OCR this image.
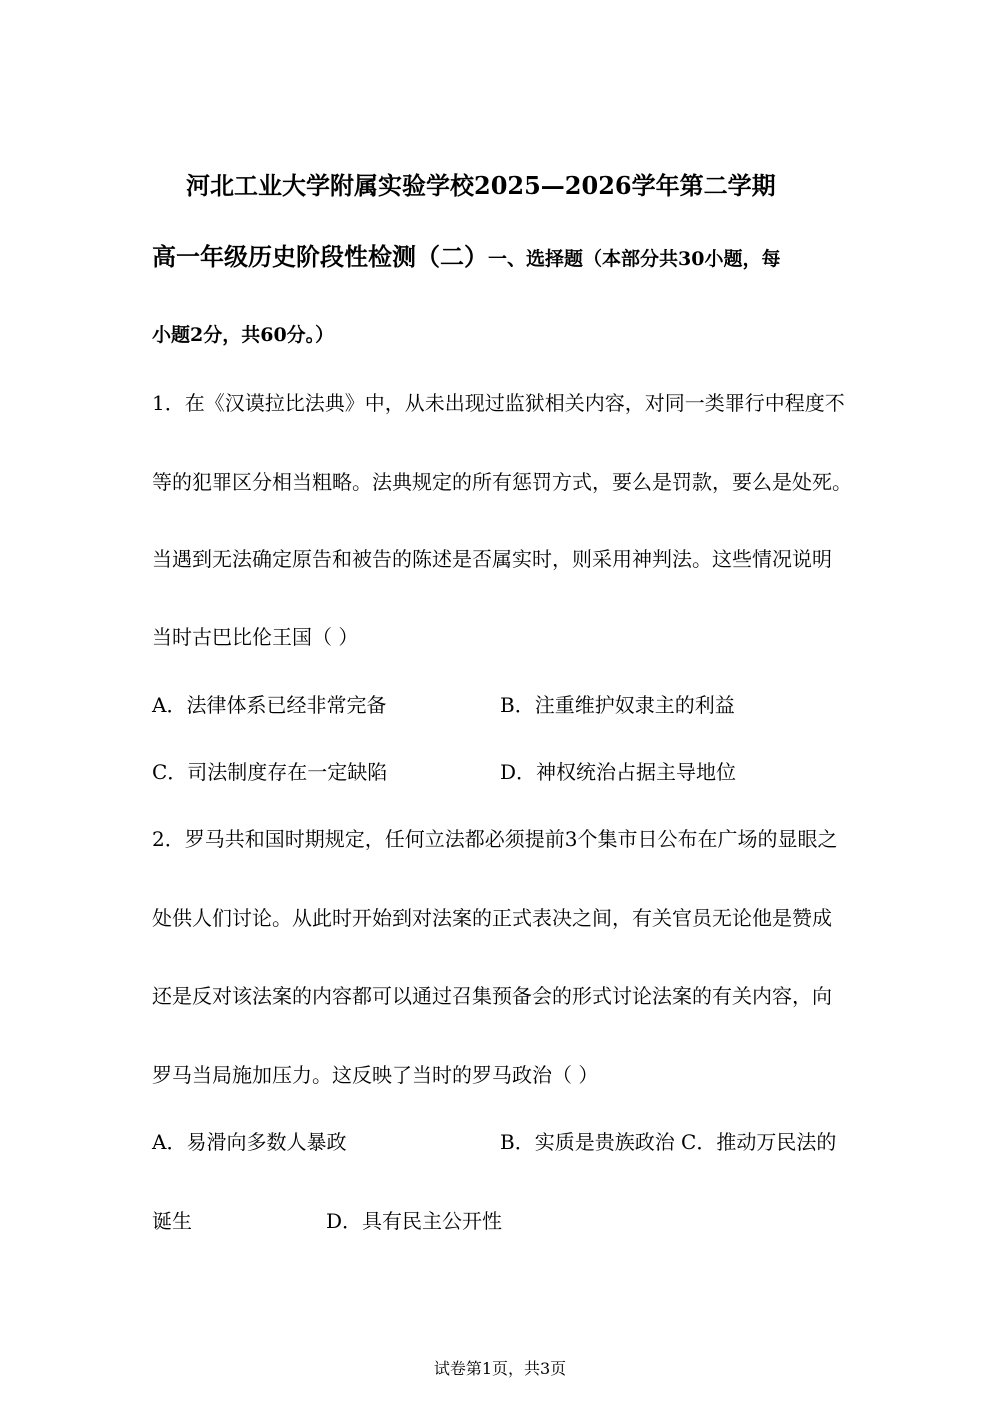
河北工业大学附属实验学校2025—2026学年第二学期
高一年级历史阶段性检测（二）一、选择题（本部分共30小题，每
小题2分，共60分。）
1．在《汉谟拉比法典》中，从未出现过监狱相关内容，对同一类罪行中程度不
等的犯罪区分相当粗略。法典规定的所有惩罚方式，要么是罚款，要么是处死。
当遇到无法确定原告和被告的陈述是否属实时，则采用神判法。这些情况说明
当时古巴比伦王国（ ）
A．法律体系已经非常完备	B．注重维护奴隶主的利益
C．司法制度存在一定缺陷	D．神权统治占据主导地位
2．罗马共和国时期规定，任何立法都必须提前3个集市日公布在广场的显眼之
处供人们讨论。从此时开始到对法案的正式表决之间，有关官员无论他是赞成
还是反对该法案的内容都可以通过召集预备会的形式讨论法案的有关内容，向
罗马当局施加压力。这反映了当时的罗马政治（ ）
A．易滑向多数人暴政	B．实质是贵族政治 C．推动万民法的
诞生	D．具有民主公开性
试卷第1页，共3页
